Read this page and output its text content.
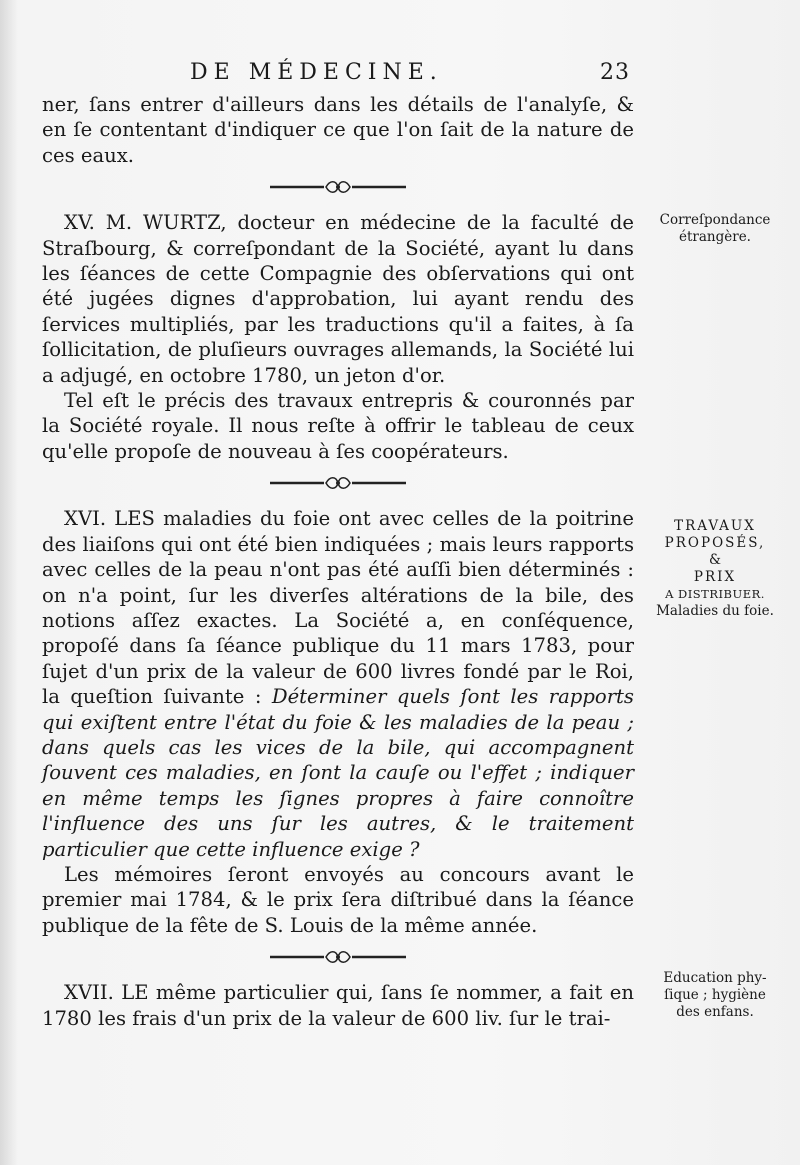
DE MÉDECINE.	23

ner, ſans entrer d'ailleurs dans les détails de l'analyſe, & en ſe contentant d'indiquer ce que l'on ſait de la nature de ces eaux.

XV. M. WURTZ, docteur en médecine de la faculté de Straſbourg, & correſpondant de la Société, ayant lu dans les ſéances de cette Compagnie des obſervations qui ont été jugées dignes d'approbation, lui ayant rendu des ſervices multipliés, par les traductions qu'il a faites, à ſa ſollicitation, de pluſieurs ouvrages allemands, la Société lui a adjugé, en octobre 1780, un jeton d'or.

Tel eſt le précis des travaux entrepris & couronnés par la Société royale. Il nous reſte à offrir le tableau de ceux qu'elle propoſe de nouveau à ſes coopérateurs.

XVI. LES maladies du foie ont avec celles de la poitrine des liaiſons qui ont été bien indiquées ; mais leurs rapports avec celles de la peau n'ont pas été auſſi bien déterminés : on n'a point, ſur les diverſes altérations de la bile, des notions aſſez exactes. La Société a, en conſéquence, propoſé dans ſa ſéance publique du 11 mars 1783, pour ſujet d'un prix de la valeur de 600 livres fondé par le Roi, la queſtion ſuivante : Déterminer quels ſont les rapports qui exiſtent entre l'état du foie & les maladies de la peau ; dans quels cas les vices de la bile, qui accompagnent ſouvent ces maladies, en ſont la cauſe ou l'effet ; indiquer en même temps les ſignes propres à faire connoître l'influence des uns ſur les autres, & le traitement particulier que cette influence exige ?

Les mémoires ſeront envoyés au concours avant le premier mai 1784, & le prix ſera diſtribué dans la ſéance publique de la fête de S. Louis de la même année.

XVII. LE même particulier qui, ſans ſe nommer, a fait en 1780 les frais d'un prix de la valeur de 600 liv. ſur le trai-

Correſpondance
étrangère.
TRAVAUX
PROPOSÉS,
&
PRIX
A DISTRIBUER.
Maladies du foie.
Education phy-
ſique ; hygiène
des enfans.
